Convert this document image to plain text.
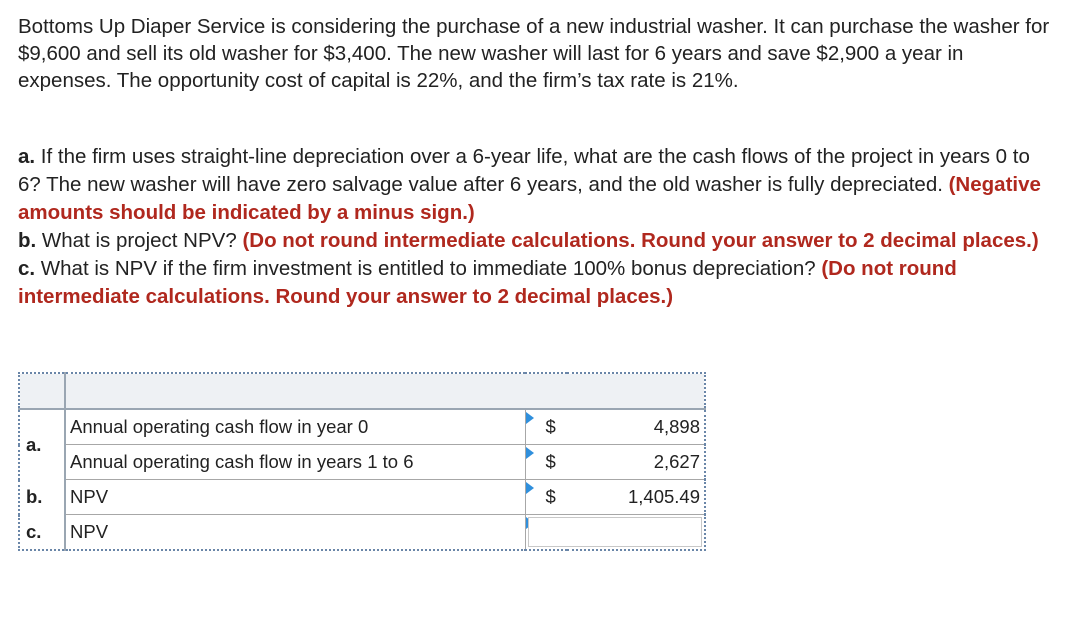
Bottoms Up Diaper Service is considering the purchase of a new industrial washer. It can purchase the washer for $9,600 and sell its old washer for $3,400. The new washer will last for 6 years and save $2,900 a year in expenses. The opportunity cost of capital is 22%, and the firm’s tax rate is 21%.

a. If the firm uses straight-line depreciation over a 6-year life, what are the cash flows of the project in years 0 to 6? The new washer will have zero salvage value after 6 years, and the old washer is fully depreciated. (Negative amounts should be indicated by a minus sign.)
b. What is project NPV? (Do not round intermediate calculations. Round your answer to 2 decimal places.)
c. What is NPV if the firm investment is entitled to immediate 100% bonus depreciation? (Do not round intermediate calculations. Round your answer to 2 decimal places.)

a.	Annual operating cash flow in year 0	$	4,898
	Annual operating cash flow in years 1 to 6	$	2,627
b.	NPV	$	1,405.49
c.	NPV		
